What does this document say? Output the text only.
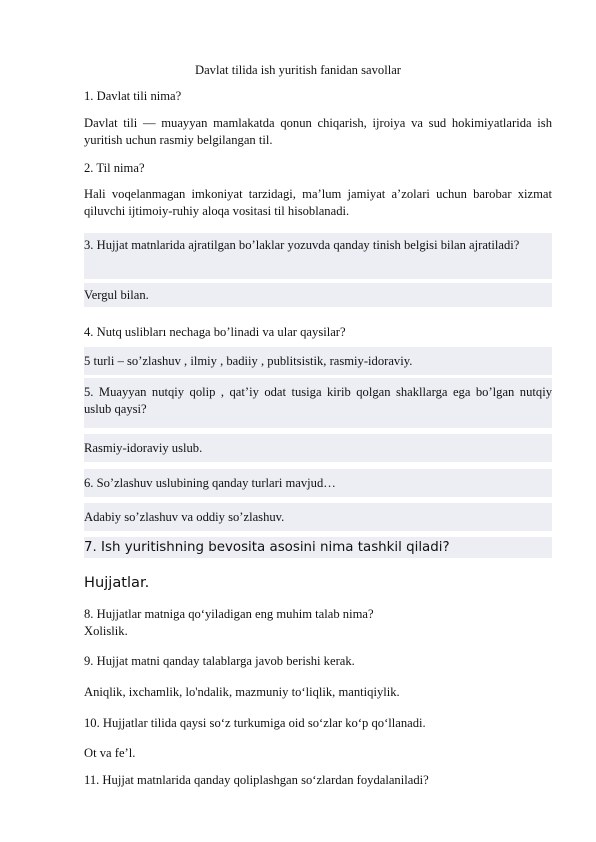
Davlat tilida ish yuritish fanidan savollar
1. Davlat tili nima?
Davlat tili — muayyan mamlakatda qonun chiqarish, ijroiya va sud hokimiyatlarida ish yuritish uchun rasmiy belgilangan til.
2. Til nima?
Hali voqelanmagan imkoniyat tarzidagi, ma’lum jamiyat a’zolari uchun barobar xizmat qiluvchi ijtimoiy-ruhiy aloqa vositasi til hisoblanadi.
3. Hujjat matnlarida ajratilgan bo’laklar yozuvda qanday tinish belgisi bilan ajratiladi?
Vergul bilan.
4. Nutq uslibları nechaga bo’linadi va ular qaysilar?
5 turli – so’zlashuv , ilmiy , badiiy , publitsistik, rasmiy-idoraviy.
5. Muayyan nutqiy qolip , qat’iy odat tusiga kirib qolgan shakllarga ega bo’lgan nutqiy uslub qaysi?
Rasmiy-idoraviy uslub.
6. So’zlashuv uslubining qanday turlari mavjud…
Adabiy so’zlashuv va oddiy so’zlashuv.
7. Ish yuritishning bevosita asosini nima tashkil qiladi?
Hujjatlar.
8. Hujjatlar matniga qo‘yiladigan eng muhim talab nima?
Xolislik.
9. Hujjat matni qanday talablarga javob berishi kerak.
Aniqlik, ixchamlik, lo'ndalik, mazmuniy to‘liqlik, mantiqiylik.
10. Hujjatlar tilida qaysi so‘z turkumiga oid so‘zlar ko‘p qo‘llanadi.
Ot va fe’l.
11. Hujjat matnlarida qanday qoliplashgan so‘zlardan foydalaniladi?
